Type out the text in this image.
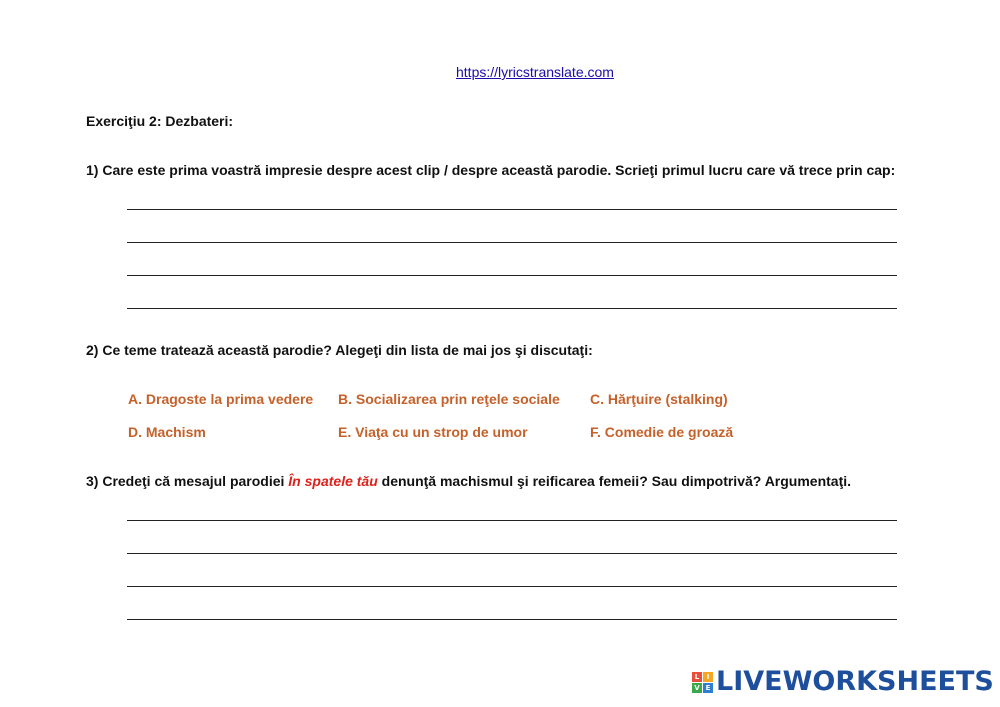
https://lyricstranslate.com
Exerciţiu 2: Dezbateri:
1) Care este prima voastră impresie despre acest clip / despre această parodie. Scrieţi primul lucru care vă trece prin cap:
2) Ce teme tratează această parodie? Alegeţi din lista de mai jos şi discutaţi:
A. Dragoste la prima vedere B. Socializarea prin reţele sociale C. Hărţuire (stalking)
D. Machism	E. Viaţa cu un strop de umor	F. Comedie de groază
3) Credeţi că mesajul parodiei În spatele tău denunţă machismul şi reificarea femeii? Sau dimpotrivă? Argumentaţi.
L	I
V E LIVEWORKSHEETS
